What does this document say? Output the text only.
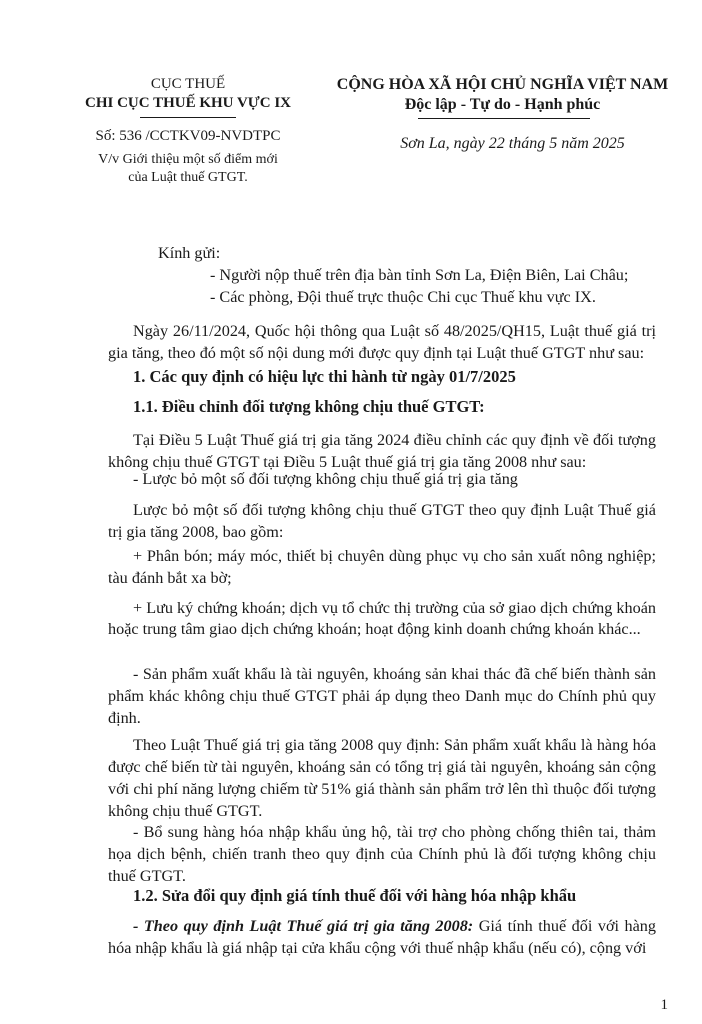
CỤC THUẾ
CHI CỤC THUẾ KHU VỰC IX
Số: 536 /CCTKV09-NVDTPC
V/v Giới thiệu một số điểm mới
của Luật thuế GTGT.
CỘNG HÒA XÃ HỘI CHỦ NGHĨA VIỆT NAM
Độc lập - Tự do - Hạnh phúc
Sơn La, ngày 22 tháng 5 năm 2025
Kính gửi:
- Người nộp thuế trên địa bàn tỉnh Sơn La, Điện Biên, Lai Châu;
- Các phòng, Đội thuế trực thuộc Chi cục Thuế khu vực IX.
Ngày 26/11/2024, Quốc hội thông qua Luật số 48/2025/QH15, Luật thuế giá trị gia tăng, theo đó một số nội dung mới được quy định tại Luật thuế GTGT như sau:
1. Các quy định có hiệu lực thi hành từ ngày 01/7/2025
1.1. Điều chỉnh đối tượng không chịu thuế GTGT:
Tại Điều 5 Luật Thuế giá trị gia tăng 2024 điều chỉnh các quy định về đối tượng không chịu thuế GTGT tại Điều 5 Luật thuế giá trị gia tăng 2008 như sau:
- Lược bỏ một số đối tượng không chịu thuế giá trị gia tăng
Lược bỏ một số đối tượng không chịu thuế GTGT theo quy định Luật Thuế giá trị gia tăng 2008, bao gồm:
+ Phân bón; máy móc, thiết bị chuyên dùng phục vụ cho sản xuất nông nghiệp; tàu đánh bắt xa bờ;
+ Lưu ký chứng khoán; dịch vụ tổ chức thị trường của sở giao dịch chứng khoán hoặc trung tâm giao dịch chứng khoán; hoạt động kinh doanh chứng khoán khác...
- Sản phẩm xuất khẩu là tài nguyên, khoáng sản khai thác đã chế biến thành sản phẩm khác không chịu thuế GTGT phải áp dụng theo Danh mục do Chính phủ quy định.
Theo Luật Thuế giá trị gia tăng 2008 quy định: Sản phẩm xuất khẩu là hàng hóa được chế biến từ tài nguyên, khoáng sản có tổng trị giá tài nguyên, khoáng sản cộng với chi phí năng lượng chiếm từ 51% giá thành sản phẩm trở lên thì thuộc đối tượng không chịu thuế GTGT.
- Bổ sung hàng hóa nhập khẩu ủng hộ, tài trợ cho phòng chống thiên tai, thảm họa dịch bệnh, chiến tranh theo quy định của Chính phủ là đối tượng không chịu thuế GTGT.
1.2. Sửa đổi quy định giá tính thuế đối với hàng hóa nhập khẩu
- Theo quy định Luật Thuế giá trị gia tăng 2008: Giá tính thuế đối với hàng hóa nhập khẩu là giá nhập tại cửa khẩu cộng với thuế nhập khẩu (nếu có), cộng với
1
